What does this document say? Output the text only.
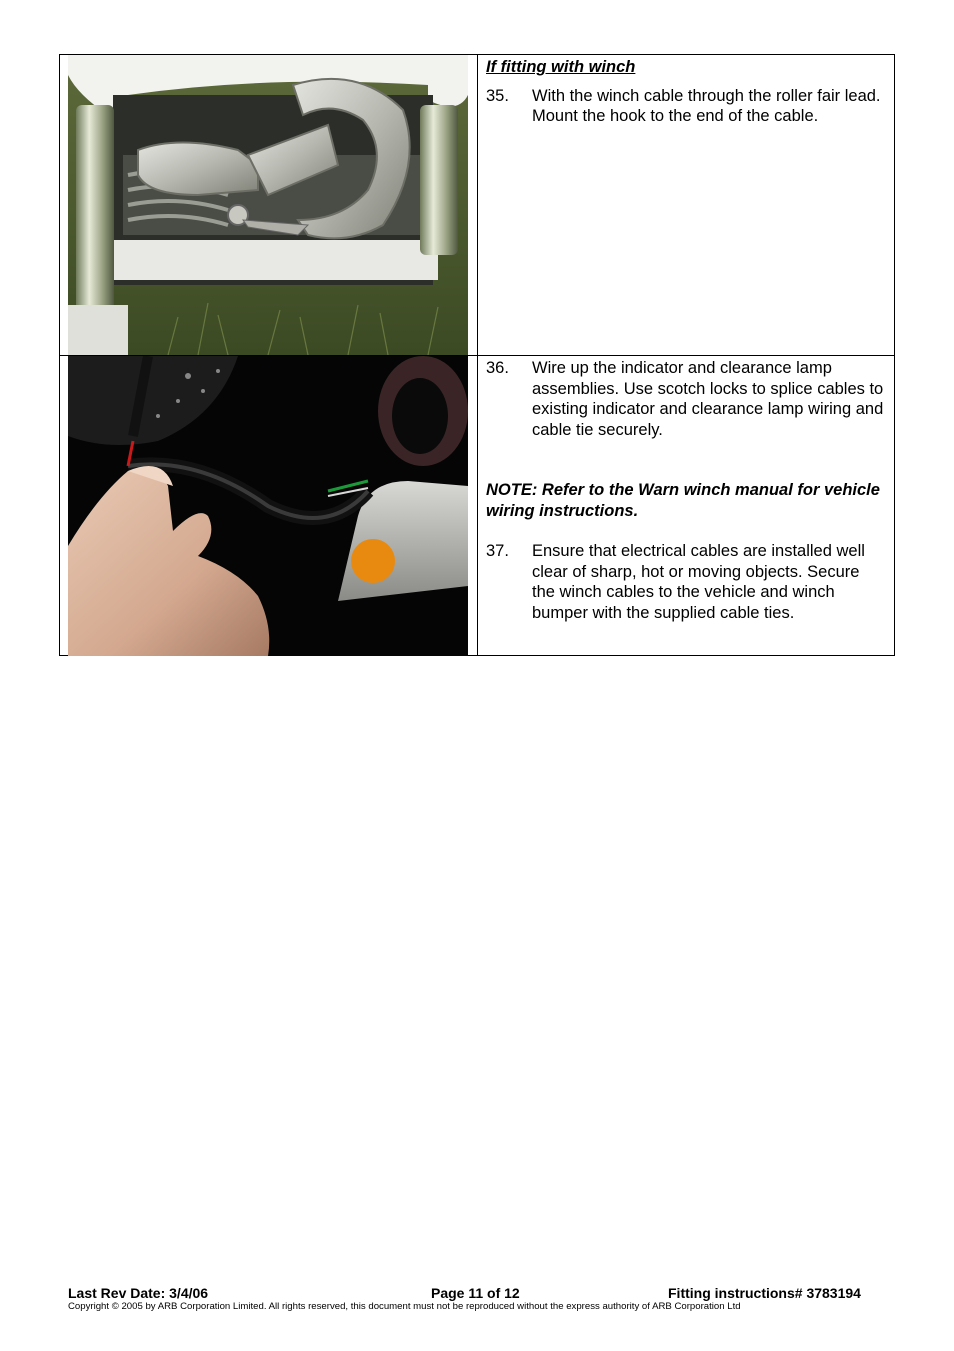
If fitting with winch

35.	With the winch cable through the roller fair lead. Mount the hook to the end of the cable.
36.	Wire up the indicator and clearance lamp assemblies. Use scotch locks to splice cables to existing indicator and clearance lamp wiring and cable tie securely.

NOTE: Refer to the Warn winch manual for vehicle wiring instructions.

37.	Ensure that electrical cables are installed well clear of sharp, hot or moving objects. Secure the winch cables to the vehicle and winch bumper with the supplied cable ties.
Last Rev Date: 3/4/06	Page 11 of 12	Fitting instructions# 3783194
Copyright © 2005 by ARB Corporation Limited. All rights reserved, this document must not be reproduced without the express authority of ARB Corporation Ltd
